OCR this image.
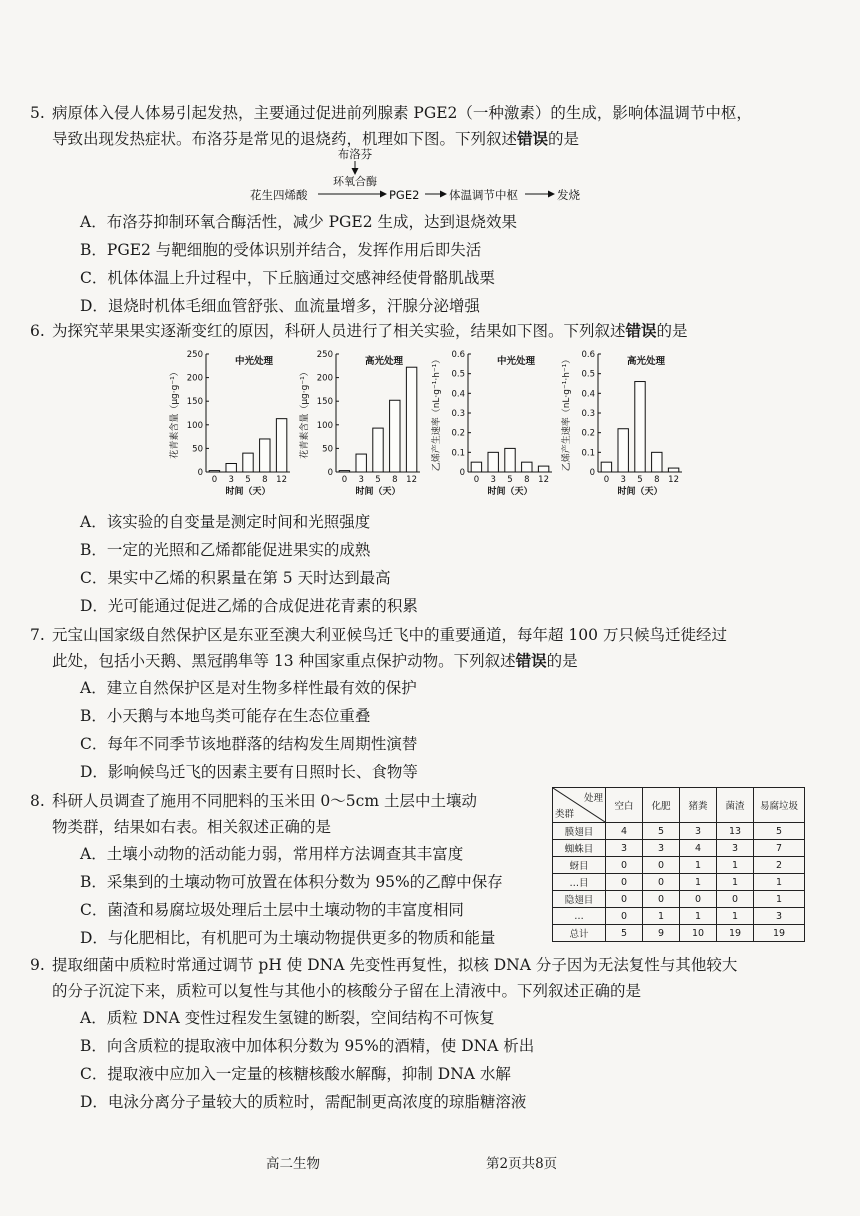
5. 病原体入侵人体易引起发热，主要通过促进前列腺素 PGE2（一种激素）的生成，影响体温调节中枢，
导致出现发热症状。布洛芬是常见的退烧药，机理如下图。下列叙述错误的是
布洛芬
环氧合酶
花生四烯酸	PGE2	体温调节中枢	发烧
A．布洛芬抑制环氧合酶活性，减少 PGE2 生成，达到退烧效果
B．PGE2 与靶细胞的受体识别并结合，发挥作用后即失活
C．机体体温上升过程中，下丘脑通过交感神经使骨骼肌战栗
D．退烧时机体毛细血管舒张、血流量增多，汗腺分泌增强
6. 为探究苹果果实逐渐变红的原因，科研人员进行了相关实验，结果如下图。下列叙述错误的是
花青素含量（μg·g⁻¹）
中光处理
0
50
100
150
200
250
0 3 5 8 12
时间（天）
花青素含量（μg·g⁻¹）
高光处理
0
50
100
150
200
250
0 3 5 8 12
时间（天）
乙烯产生速率（nL·g⁻¹·h⁻¹）	中光处理
0
0.1
0.2
0.3
0.4
0.5
0.6
0 3 5 8 12
时间（天）
乙烯产生速率（nL·g⁻¹·h⁻¹）	高光处理
0
0.1
0.2
0.3
0.4
0.5
0.6
0 3 5 8 12
时间（天）
A．该实验的自变量是测定时间和光照强度
B．一定的光照和乙烯都能促进果实的成熟
C．果实中乙烯的积累量在第 5 天时达到最高
D．光可能通过促进乙烯的合成促进花青素的积累
7. 元宝山国家级自然保护区是东亚至澳大利亚候鸟迁飞中的重要通道，每年超 100 万只候鸟迁徙经过
此处，包括小天鹅、黑冠鹃隼等 13 种国家重点保护动物。下列叙述错误的是
A．建立自然保护区是对生物多样性最有效的保护
B．小天鹅与本地鸟类可能存在生态位重叠
C．每年不同季节该地群落的结构发生周期性演替
D．影响候鸟迁飞的因素主要有日照时长、食物等
8. 科研人员调查了施用不同肥料的玉米田 0～5cm 土层中土壤动
物类群，结果如右表。相关叙述正确的是
A．土壤小动物的活动能力弱，常用样方法调查其丰富度
B．采集到的土壤动物可放置在体积分数为 95%的乙醇中保存
C．菌渣和易腐垃圾处理后土层中土壤动物的丰富度相同
D．与化肥相比，有机肥可为土壤动物提供更多的物质和能量
处理
类群	空白	化肥	猪粪	菌渣	易腐垃圾
膜翅目	4	5	3	13	5
蜘蛛目	3	3	4	3	7
蚜目	0	0	1	1	2
…目	0	0	1	1	1
隐翅目	0	0	0	0	1
…	0	1	1	1	3
总计	5	9	10	19	19
9. 提取细菌中质粒时常通过调节 pH 使 DNA 先变性再复性，拟核 DNA 分子因为无法复性与其他较大
的分子沉淀下来，质粒可以复性与其他小的核酸分子留在上清液中。下列叙述正确的是
A．质粒 DNA 变性过程发生氢键的断裂，空间结构不可恢复
B．向含质粒的提取液中加体积分数为 95%的酒精，使 DNA 析出
C．提取液中应加入一定量的核糖核酸水解酶，抑制 DNA 水解
D．电泳分离分子量较大的质粒时，需配制更高浓度的琼脂糖溶液
高二生物	第2页共8页
